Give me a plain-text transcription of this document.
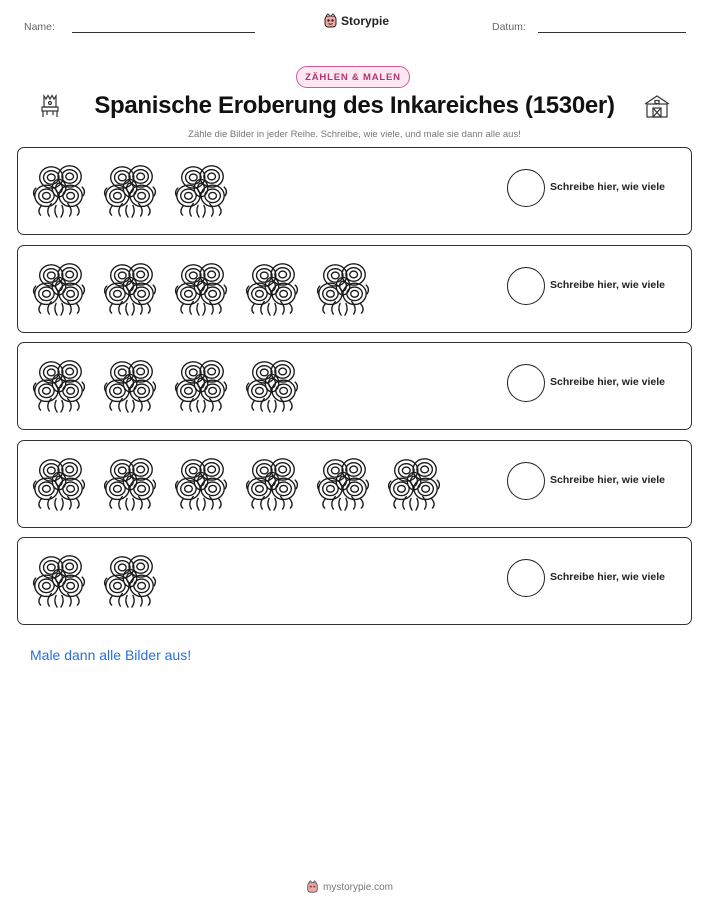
Name:	Storypie	Datum:
ZÄHLEN & MALEN
Spanische Eroberung des Inkareiches (1530er)
Zähle die Bilder in jeder Reihe. Schreibe, wie viele, und male sie dann alle aus!
Schreibe hier, wie viele
Schreibe hier, wie viele
Schreibe hier, wie viele
Schreibe hier, wie viele
Schreibe hier, wie viele
Male dann alle Bilder aus!
mystorypie.com
